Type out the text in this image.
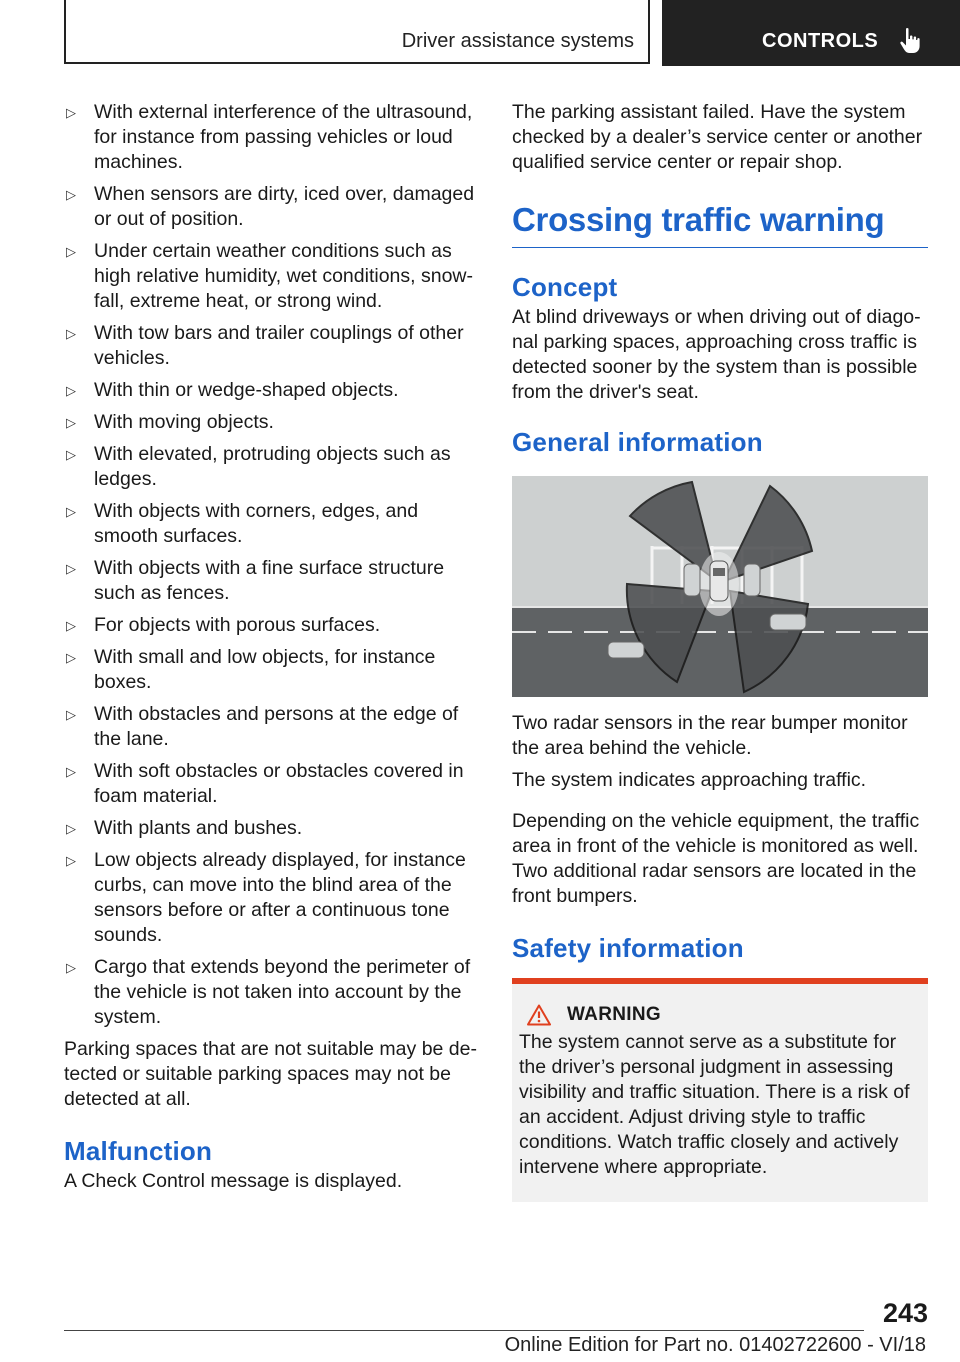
Driver assistance systems	CONTROLS
▷ With external interference of the ultrasound, for instance from passing vehicles or loud machines.
▷ When sensors are dirty, iced over, damaged or out of position.
▷ Under certain weather conditions such as high relative humidity, wet conditions, snowfall, extreme heat, or strong wind.
▷ With tow bars and trailer couplings of other vehicles.
▷ With thin or wedge-shaped objects.
▷ With moving objects.
▷ With elevated, protruding objects such as ledges.
▷ With objects with corners, edges, and smooth surfaces.
▷ With objects with a fine surface structure such as fences.
▷ For objects with porous surfaces.
▷ With small and low objects, for instance boxes.
▷ With obstacles and persons at the edge of the lane.
▷ With soft obstacles or obstacles covered in foam material.
▷ With plants and bushes.
▷ Low objects already displayed, for instance curbs, can move into the blind area of the sensors before or after a continuous tone sounds.
▷ Cargo that extends beyond the perimeter of the vehicle is not taken into account by the system.

Parking spaces that are not suitable may be detected or suitable parking spaces may not be detected at all.

Malfunction

A Check Control message is displayed.

The parking assistant failed. Have the system checked by a dealer’s service center or another qualified service center or repair shop.

Crossing traffic warning
Concept

At blind driveways or when driving out of diagonal parking spaces, approaching cross traffic is detected sooner by the system than is possible from the driver's seat.

General information

Two radar sensors in the rear bumper monitor the area behind the vehicle.

The system indicates approaching traffic.

Depending on the vehicle equipment, the traffic area in front of the vehicle is monitored as well. Two additional radar sensors are located in the front bumpers.

Safety information
WARNING
The system cannot serve as a substitute for the driver’s personal judgment in assessing visibility and traffic situation. There is a risk of an accident. Adjust driving style to traffic conditions. Watch traffic closely and actively intervene where appropriate.
243
Online Edition for Part no. 01402722600 - VI/18
